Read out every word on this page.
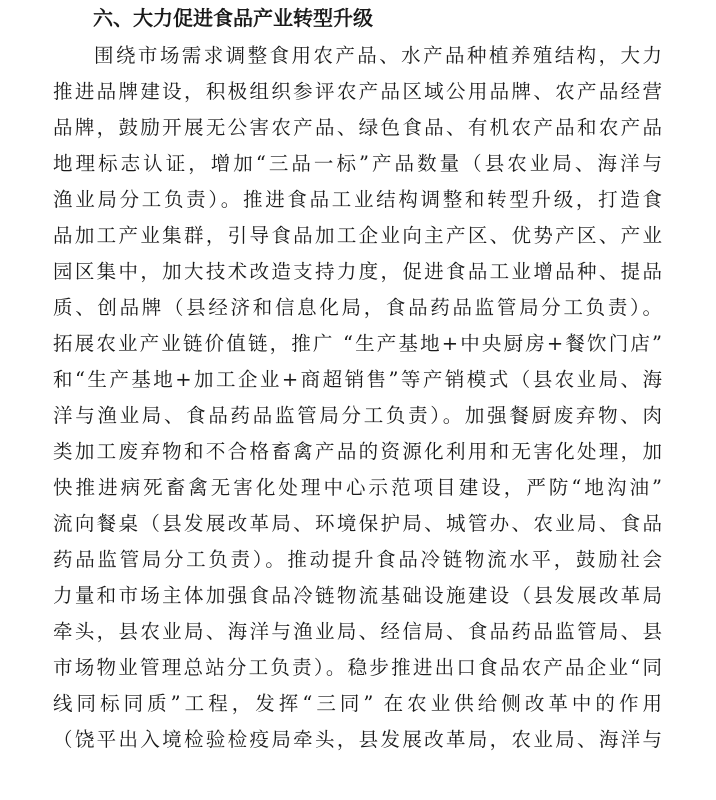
六、大力促进食品产业转型升级
围绕市场需求调整食用农产品、水产品种植养殖结构，大力
推进品牌建设，积极组织参评农产品区域公用品牌、农产品经营
品牌，鼓励开展无公害农产品、绿色食品、有机农产品和农产品
地理标志认证，增加“三品一标”产品数量（县农业局、海洋与
渔业局分工负责）。推进食品工业结构调整和转型升级，打造食
品加工产业集群，引导食品加工企业向主产区、优势产区、产业
园区集中，加大技术改造支持力度，促进食品工业增品种、提品
质、创品牌（县经济和信息化局，食品药品监管局分工负责）。
拓展农业产业链价值链，推广 “生产基地+中央厨房+餐饮门店”
和“生产基地+加工企业+商超销售”等产销模式（县农业局、海
洋与渔业局、食品药品监管局分工负责）。加强餐厨废弃物、肉
类加工废弃物和不合格畜禽产品的资源化利用和无害化处理，加
快推进病死畜禽无害化处理中心示范项目建设，严防“地沟油”
流向餐桌（县发展改革局、环境保护局、城管办、农业局、食品
药品监管局分工负责）。推动提升食品冷链物流水平，鼓励社会
力量和市场主体加强食品冷链物流基础设施建设（县发展改革局
牵头，县农业局、海洋与渔业局、经信局、食品药品监管局、县
市场物业管理总站分工负责）。稳步推进出口食品农产品企业“同
线同标同质”工程，发挥“三同” 在农业供给侧改革中的作用
（饶平出入境检验检疫局牵头，县发展改革局，农业局、海洋与
